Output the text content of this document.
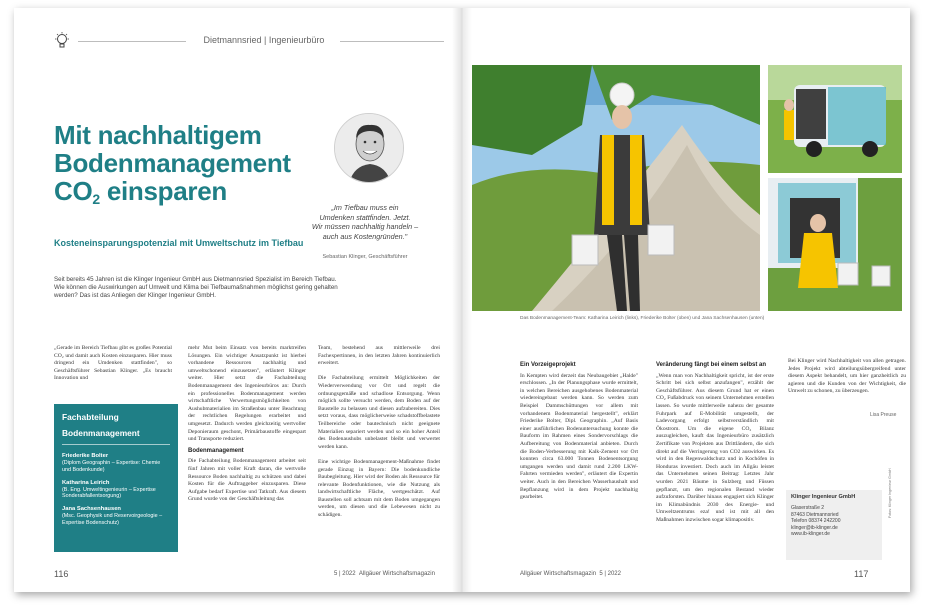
Dietmannsried | Ingenieurbüro
Mit nachhaltigem
Bodenmanagement
$CO_2$ einsparen
Kosteneinsparungspotenzial mit Umweltschutz im Tiefbau
„Im Tiefbau muss ein
Umdenken stattfinden. Jetzt.
Wir müssen nachhaltig handeln –
auch aus Kostengründen."
Sebastian Klinger, Geschäftsführer
Seit bereits 45 Jahren ist die Klinger Ingenieur GmbH aus Dietmannsried Spezialist im Bereich Tiefbau. Wie können die Auswirkungen auf Umwelt und Klima bei Tiefbaumaßnahmen möglichst gering gehalten werden? Das ist das Anliegen der Klinger Ingenieur GmbH.
„Gerade im Bereich Tiefbau gibt es großes Potential CO₂ und damit auch Kosten einzusparen. Hier muss dringend ein Umdenken stattfinden", so Geschäftsführer Sebastian Klinger. „Es braucht Innovation und
Fachabteilung
Bodenmanagement
Friederike Bolter
(Diplom Geographin – Expertise: Chemie und Bodenkunde)
Katharina Leirich
(B. Eng. Umweltingenieurin – Expertise Sonderabfallentsorgung)
Jana Sachsenhausen
(Msc. Geophysik und Reservoirgeologie – Expertise Bodenschutz)
mehr Mut beim Einsatz von bereits marktreifen Lösungen. Ein wichtiger Ansatzpunkt ist hierbei vorhandene Ressourcen nachhaltig und umweltschonend einzusetzen", erläutert Klinger weiter. Hier setzt die Fachabteilung Bodenmanagement des Ingenieurbüros an: Durch ein professionelles Bodenmanagement werden wirtschaftliche Verwertungsmöglichkeiten von Aushubmaterialien im Straßenbau unter Beachtung der rechtlichen Regelungen erarbeitet und umgesetzt. Dadurch werden gleichzeitig wertvoller Deponieraum geschont, Primärbaustoffe eingespart und Transporte reduziert.
Bodenmanagement
Die Fachabteilung Bodenmanagement arbeitet seit fünf Jahren mit voller Kraft daran, die wertvolle Ressource Boden nachhaltig zu schützen und dabei Kosten für die Auftraggeber einzusparen. Diese Aufgabe bedarf Expertise und Tatkraft. Aus diesem Grund wurde von der Geschäftsleitung das
Team, bestehend aus mittlerweile drei Fachexpertinnen, in den letzten Jahren kontinuierlich erweitert.

Die Fachabteilung ermittelt Möglichkeiten der Wiederverwendung vor Ort und regelt die ordnungsgemäße und schadlose Entsorgung. Wenn möglich sollte versucht werden, dem Boden auf der Baustelle zu belassen und diesen aufzubereiten. Dies setzt voraus, dass möglicherweise schadstoffbelastete Teilbereiche oder bautechnisch nicht geeignete Materialien separiert werden und so ein hoher Anteil des Bodenaushubs unbelastet bleibt und verwertet werden kann.

Eine wichtige Bodenmanagement-Maßnahme findet gerade Einzug in Bayern: Die bodenkundliche Baubegleitung. Hier wird der Boden als Ressource für relevante Bodenfunktionen, wie die Nutzung als landwirtschaftliche Fläche, wertgeschätzt. Auf Baustellen soll achtsam mit dem Boden umgegangen werden, um diesen und die Lebewesen nicht zu schädigen.
116	5 | 2022 Allgäuer Wirtschaftsmagazin
Das Bodenmanagement-Team: Katharina Leirich (links), Friederike Bolter (oben) und Jana Sachsenhausen (unten)
Ein Vorzeigeprojekt
In Kempten wird derzeit das Neubaugebiet „Halde" erschlossen. „In der Planungsphase wurde ermittelt, in welchen Bereichen ausgehobenes Bodenmaterial wiedereingebaut werden kann. So werden zum Beispiel Dammschüttungen vor allem mit vorhandenem Bodenmaterial hergestellt", erklärt Friederike Bolter, Dipl. Geographin. „Auf Basis einer ausführlichen Bodenuntersuchung konnte die Bauform im Rahmen eines Sondervorschlags die Aufbereitung von Bodenmaterial anbieten. Durch die Boden-Verbesserung mit Kalk-Zement vor Ort konnten circa 63.000 Tonnen Bodenentsorgung umgangen werden und damit rund 2.200 LKW-Fahrten vermieden werden", erläutert die Expertin weiter. Auch in den Bereichen Wasserhaushalt und Bepflanzung wird in dem Projekt nachhaltig gearbeitet.
Veränderung fängt bei einem selbst an
„Wenn man von Nachhaltigkeit spricht, ist der erste Schritt bei sich selbst anzufangen", erzählt der Geschäftsführer. Aus diesem Grund hat er einen CO₂ Fußabdruck von seinem Unternehmen erstellen lassen. So wurde mittlerweile nahezu der gesamte Fuhrpark auf E-Mobilität umgestellt, der Ladevorgang erfolgt selbstverständlich mit Ökostrom. Um die eigene CO₂ Bilanz auszugleichen, kauft das Ingenieurbüro zusätzlich Zertifikate von Projekten aus Drittländern, die sich direkt auf die Verringerung von CO2 auswirken. Es wird in den Regenwaldschutz und in Kochöfen in Honduras investiert. Doch auch im Allgäu leistet das Unternehmen seinen Beitrag: Letztes Jahr wurden 2021 Bäume in Sulzberg und Füssen gepflanzt, um den regionalen Bestand wieder aufzuforsten. Darüber hinaus engagiert sich Klinger im Klimabündnis 2030 des Energie- und Umweltzentrums eza! und ist mit all den Maßnahmen inzwischen sogar klimapositiv.
Bei Klinger wird Nachhaltigkeit von allen getragen. Jedes Projekt wird abteilungsübergreifend unter diesem Aspekt behandelt, um hier ganzheitlich zu agieren und die Kunden von der Wichtigkeit, die Umwelt zu schonen, zu überzeugen.
Lisa Preuse
Klinger Ingenieur GmbH
Glaserstraße 2
87463 Dietmannsried
Telefon 08374 242200
klinger@ib-klinger.de
www.ib-klinger.de
Fotos: Klinger Ingenieur GmbH
Allgäuer Wirtschaftsmagazin 5 | 2022	117
